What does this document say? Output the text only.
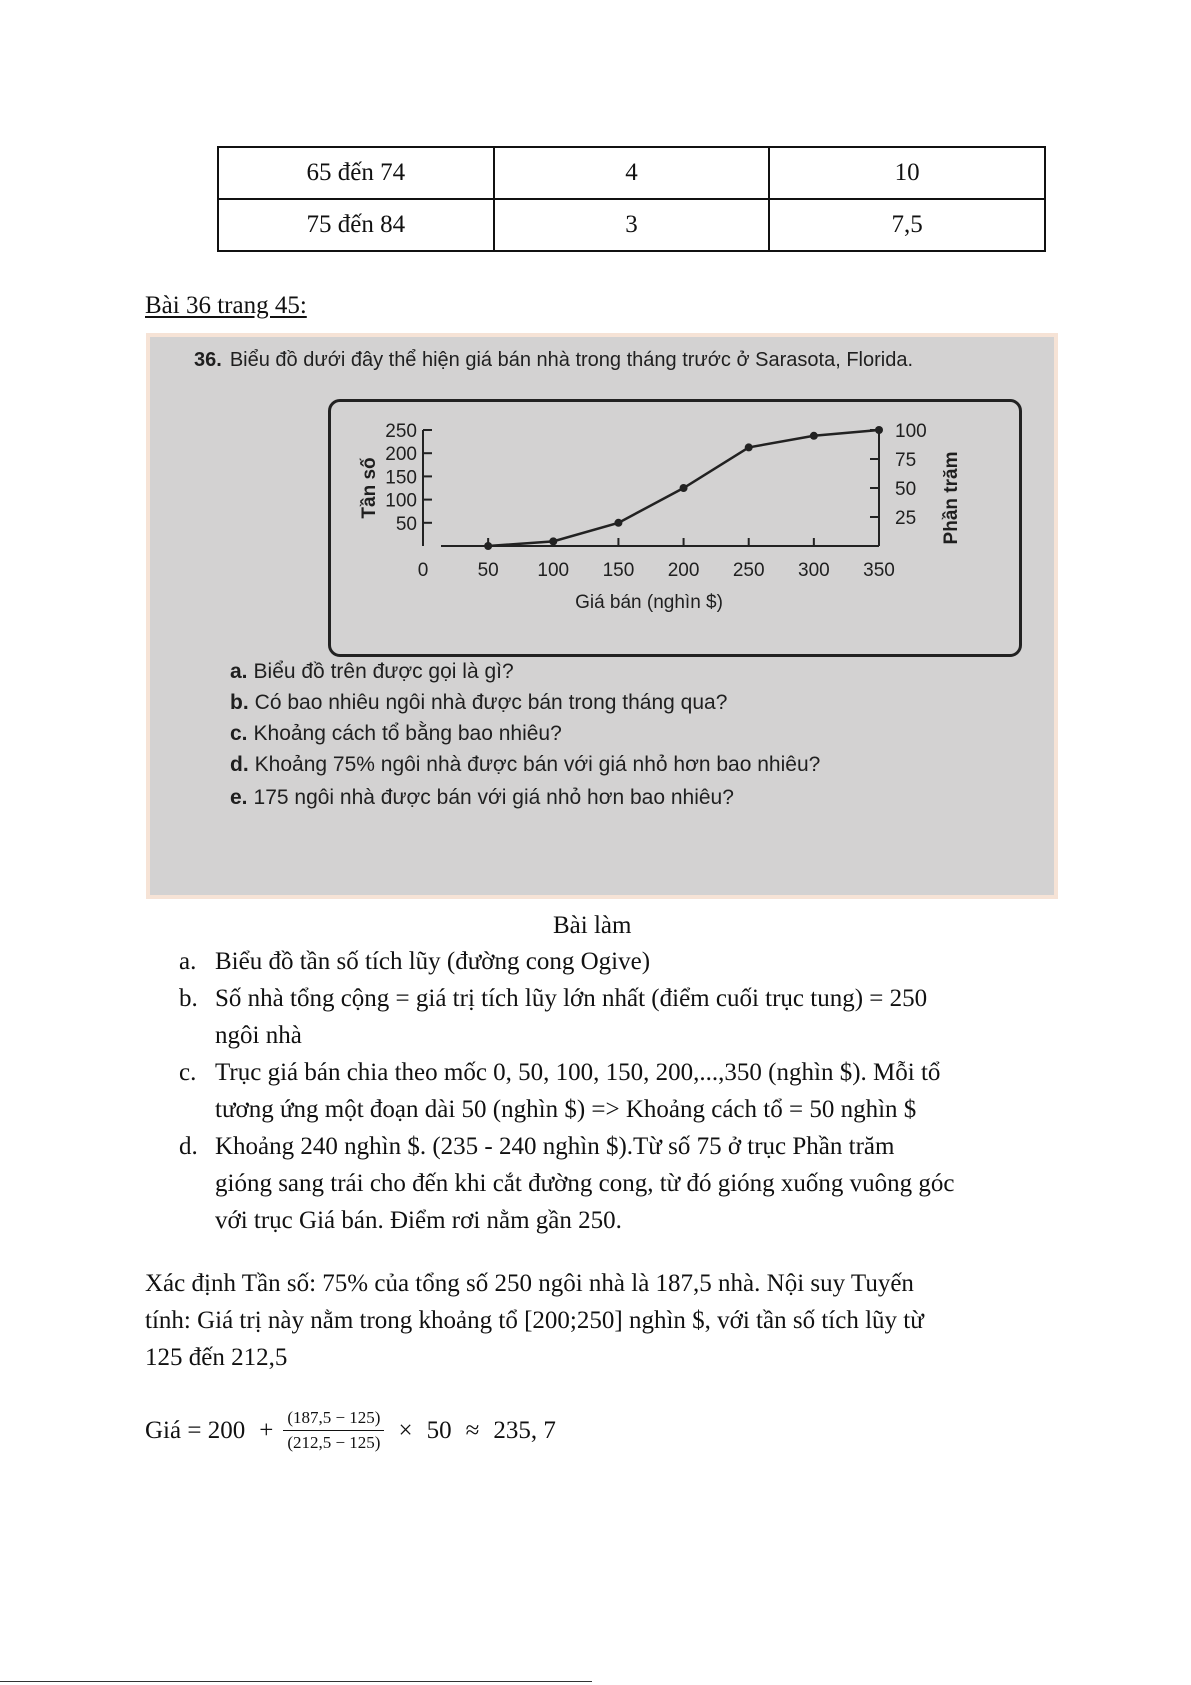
65 đến 74	4	10
75 đến 84	3	7,5
Bài 36 trang 45:
36. Biểu đồ dưới đây thể hiện giá bán nhà trong tháng trước ở Sarasota, Florida.
50
100
150
200
250
25
50
75
100
0	50 100 150 200 250 300 350
Giá bán (nghìn $)
Tần số	Phần trăm
a. Biểu đồ trên được gọi là gì?
b. Có bao nhiêu ngôi nhà được bán trong tháng qua?
c. Khoảng cách tổ bằng bao nhiêu?
d. Khoảng 75% ngôi nhà được bán với giá nhỏ hơn bao nhiêu?
e. 175 ngôi nhà được bán với giá nhỏ hơn bao nhiêu?
Bài làm
a. Biểu đồ tần số tích lũy (đường cong Ogive)
b. Số nhà tổng cộng = giá trị tích lũy lớn nhất (điểm cuối trục tung) = 250
ngôi nhà
c. Trục giá bán chia theo mốc 0, 50, 100, 150, 200,...,350 (nghìn $). Mỗi tổ
tương ứng một đoạn dài 50 (nghìn $) => Khoảng cách tổ = 50 nghìn $
d. Khoảng 240 nghìn $. (235 - 240 nghìn $).Từ số 75 ở trục Phần trăm
gióng sang trái cho đến khi cắt đường cong, từ đó gióng xuống vuông góc
với trục Giá bán. Điểm rơi nằm gần 250.
Xác định Tần số: 75% của tổng số 250 ngôi nhà là 187,5 nhà. Nội suy Tuyến
tính: Giá trị này nằm trong khoảng tổ [200;250] nghìn $, với tần số tích lũy từ
125 đến 212,5
Giá = $200 + \frac{(187,5 - 125)}{(212,5 - 125)} \times 50 \approx 235$, 7
